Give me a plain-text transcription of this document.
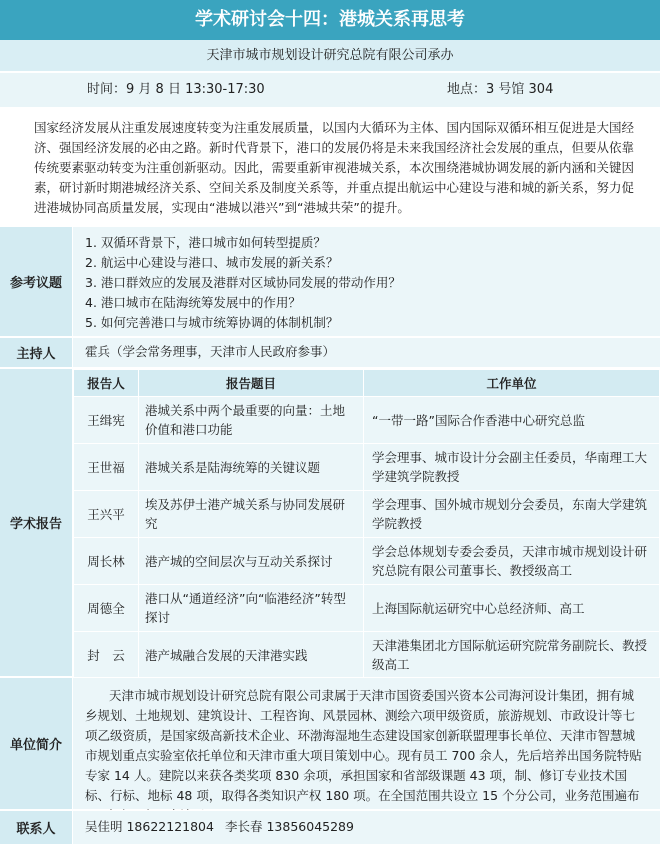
学术研讨会十四：港城关系再思考
天津市城市规划设计研究总院有限公司承办
时间：9 月 8 日 13:30-17:30	地点：3 号馆 304
国家经济发展从注重发展速度转变为注重发展质量，以国内大循环为主体、国内国际双循环相互促进是大国经济、强国经济发展的必由之路。新时代背景下，港口的发展仍将是未来我国经济社会发展的重点，但要从依靠传统要素驱动转变为注重创新驱动。因此，需要重新审视港城关系，本次围绕港城协调发展的新内涵和关键因素，研讨新时期港城经济关系、空间关系及制度关系等，并重点提出航运中心建设与港和城的新关系，努力促进港城协同高质量发展，实现由“港城以港兴”到“港城共荣”的提升。
参考议题
1. 双循环背景下，港口城市如何转型提质？
2. 航运中心建设与港口、城市发展的新关系？
3. 港口群效应的发展及港群对区域协同发展的带动作用？
4. 港口城市在陆海统筹发展中的作用？
5. 如何完善港口与城市统筹协调的体制机制？
主持人	霍兵（学会常务理事，天津市人民政府参事）
学术报告
报告人	报告题目	工作单位
王缉宪	港城关系中两个最重要的向量：土地价值和港口功能	“一带一路”国际合作香港中心研究总监
王世福	港城关系是陆海统筹的关键议题	学会理事、城市设计分会副主任委员，华南理工大学建筑学院教授
王兴平	埃及苏伊士港产城关系与协同发展研究	学会理事、国外城市规划分会委员，东南大学建筑学院教授
周长林	港产城的空间层次与互动关系探讨	学会总体规划专委会委员，天津市城市规划设计研究总院有限公司董事长、教授级高工
周德全	港口从“通道经济”向“临港经济”转型探讨	上海国际航运研究中心总经济师、高工
封　云	港产城融合发展的天津港实践	天津港集团北方国际航运研究院常务副院长、教授级高工
单位简介
天津市城市规划设计研究总院有限公司隶属于天津市国资委国兴资本公司海河设计集团，拥有城乡规划、土地规划、建筑设计、工程咨询、风景园林、测绘六项甲级资质，旅游规划、市政设计等七项乙级资质，是国家级高新技术企业、环渤海湿地生态建设国家创新联盟理事长单位、天津市智慧城市规划重点实验室依托单位和天津市重大项目策划中心。现有员工 700 余人，先后培养出国务院特贴专家 14 人。建院以来获各类奖项 830 余项，承担国家和省部级课题 43 项，制、修订专业技术国标、行标、地标 48 项，取得各类知识产权 180 项。在全国范围共设立 15 个分公司，业务范围遍布
联系人	吴佳明 18622121804 李长春 13856045289
